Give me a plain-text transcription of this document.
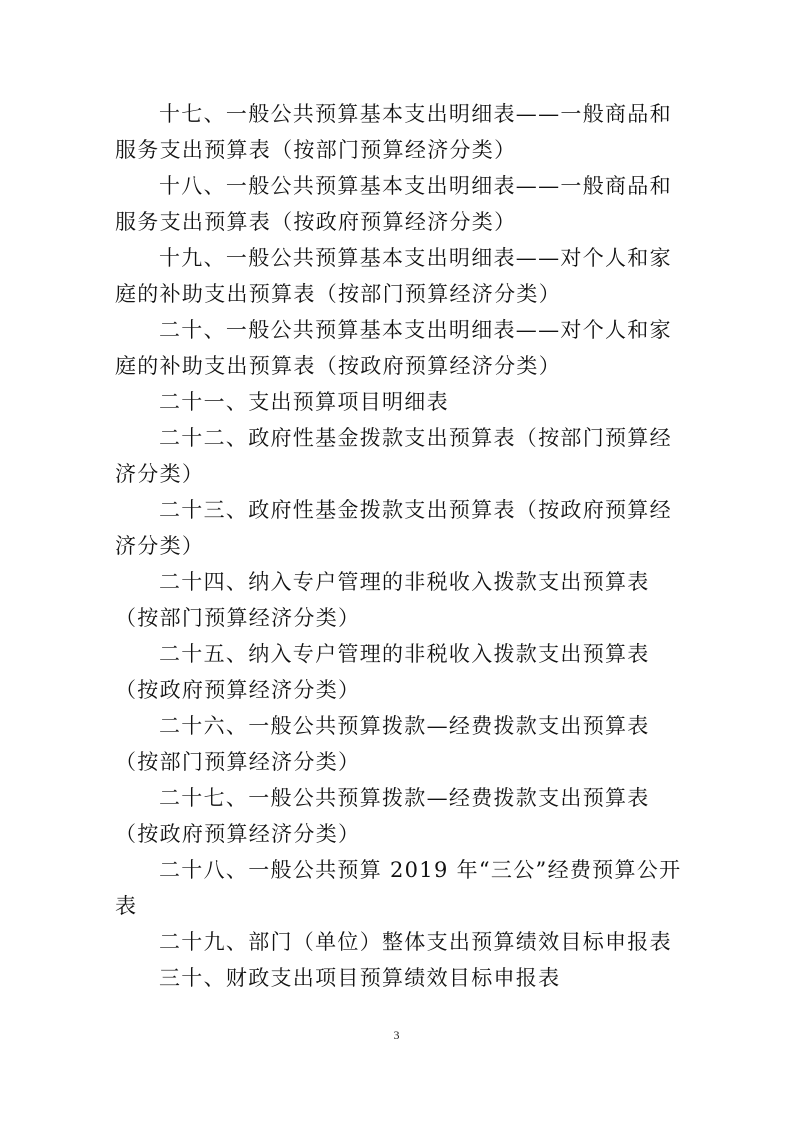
十七、一般公共预算基本支出明细表——一般商品和服务支出预算表（按部门预算经济分类）

十八、一般公共预算基本支出明细表——一般商品和服务支出预算表（按政府预算经济分类）

十九、一般公共预算基本支出明细表——对个人和家庭的补助支出预算表（按部门预算经济分类）

二十、一般公共预算基本支出明细表——对个人和家庭的补助支出预算表（按政府预算经济分类）

二十一、支出预算项目明细表

二十二、政府性基金拨款支出预算表（按部门预算经济分类）

二十三、政府性基金拨款支出预算表（按政府预算经济分类）

二十四、纳入专户管理的非税收入拨款支出预算表（按部门预算经济分类）

二十五、纳入专户管理的非税收入拨款支出预算表（按政府预算经济分类）

二十六、一般公共预算拨款—经费拨款支出预算表（按部门预算经济分类）

二十七、一般公共预算拨款—经费拨款支出预算表（按政府预算经济分类）

二十八、一般公共预算 2019 年“三公”经费预算公开表

二十九、部门（单位）整体支出预算绩效目标申报表

三十、财政支出项目预算绩效目标申报表

3
